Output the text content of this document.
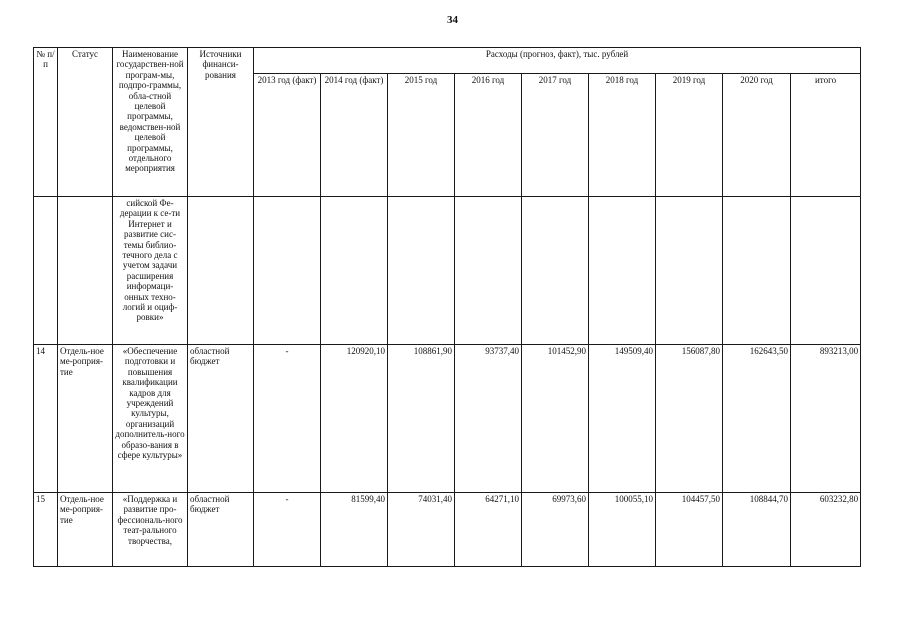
34
№ п/п	Статус	Наименование государствен-ной програм-мы, подпро-граммы, обла-стной целевой программы, ведомствен-ной целевой программы, отдельного мероприятия	Источники финанси-рования	Расходы (прогноз, факт), тыс. рублей								
				2013 год (факт)	2014 год (факт)	2015 год	2016 год	2017 год	2018 год	2019 год	2020 год	итого
		сийской Фе-дерации к се-ти Интернет и развитие сис-темы библио-течного дела с учетом задачи расширения информаци-онных техно-логий и оциф-ровки»										
14	Отдель-ное ме-роприя-тие	«Обеспечение подготовки и повышения квалификации кадров для учреждений культуры, организаций дополнитель-ного образо-вания в сфере культуры»	областной бюджет	-	120920,10	108861,90	93737,40	101452,90	149509,40	156087,80	162643,50	893213,00
15	Отдель-ное ме-роприя-тие	«Поддержка и развитие про-фессиональ-ного теат-рального творчества,	областной бюджет	-	81599,40	74031,40	64271,10	69973,60	100055,10	104457,50	108844,70	603232,80
